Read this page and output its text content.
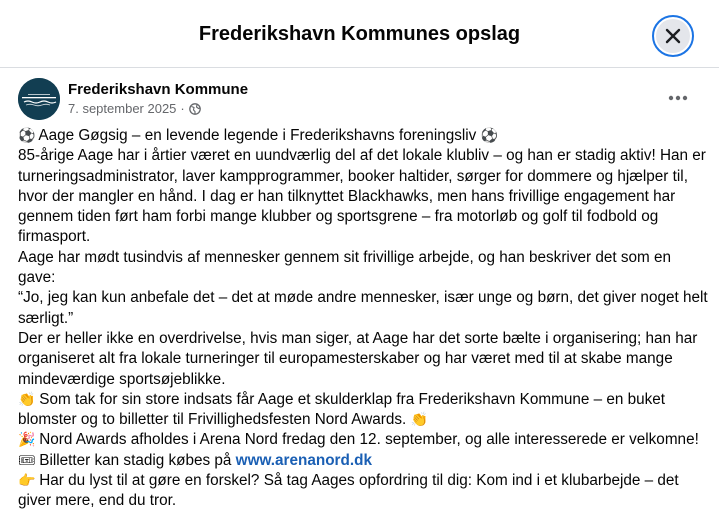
Frederikshavn Kommunes opslag
Frederikshavn Kommune
7. september 2025 ·
⚽ Aage Gøgsig – en levende legende i Frederikshavns foreningsliv ⚽
85-årige Aage har i årtier været en uundværlig del af det lokale klubliv – og han er stadig aktiv! Han er
turneringsadministrator, laver kampprogrammer, booker haltider, sørger for dommere og hjælper til,
hvor der mangler en hånd. I dag er han tilknyttet Blackhawks, men hans frivillige engagement har
gennem tiden ført ham forbi mange klubber og sportsgrene – fra motorløb og golf til fodbold og
firmasport.
Aage har mødt tusindvis af mennesker gennem sit frivillige arbejde, og han beskriver det som en
gave:
“Jo, jeg kan kun anbefale det – det at møde andre mennesker, især unge og børn, det giver noget helt
særligt.”
Der er heller ikke en overdrivelse, hvis man siger, at Aage har det sorte bælte i organisering; han har
organiseret alt fra lokale turneringer til europamesterskaber og har været med til at skabe mange
mindeværdige sportsøjeblikke.
👏 Som tak for sin store indsats får Aage et skulderklap fra Frederikshavn Kommune – en buket
blomster og to billetter til Frivillighedsfesten Nord Awards. 👏
🎉 Nord Awards afholdes i Arena Nord fredag den 12. september, og alle interesserede er velkomne!
🎟 Billetter kan stadig købes på www.arenanord.dk
👉 Har du lyst til at gøre en forskel? Så tag Aages opfordring til dig: Kom ind i et klubarbejde – det
giver mere, end du tror.
